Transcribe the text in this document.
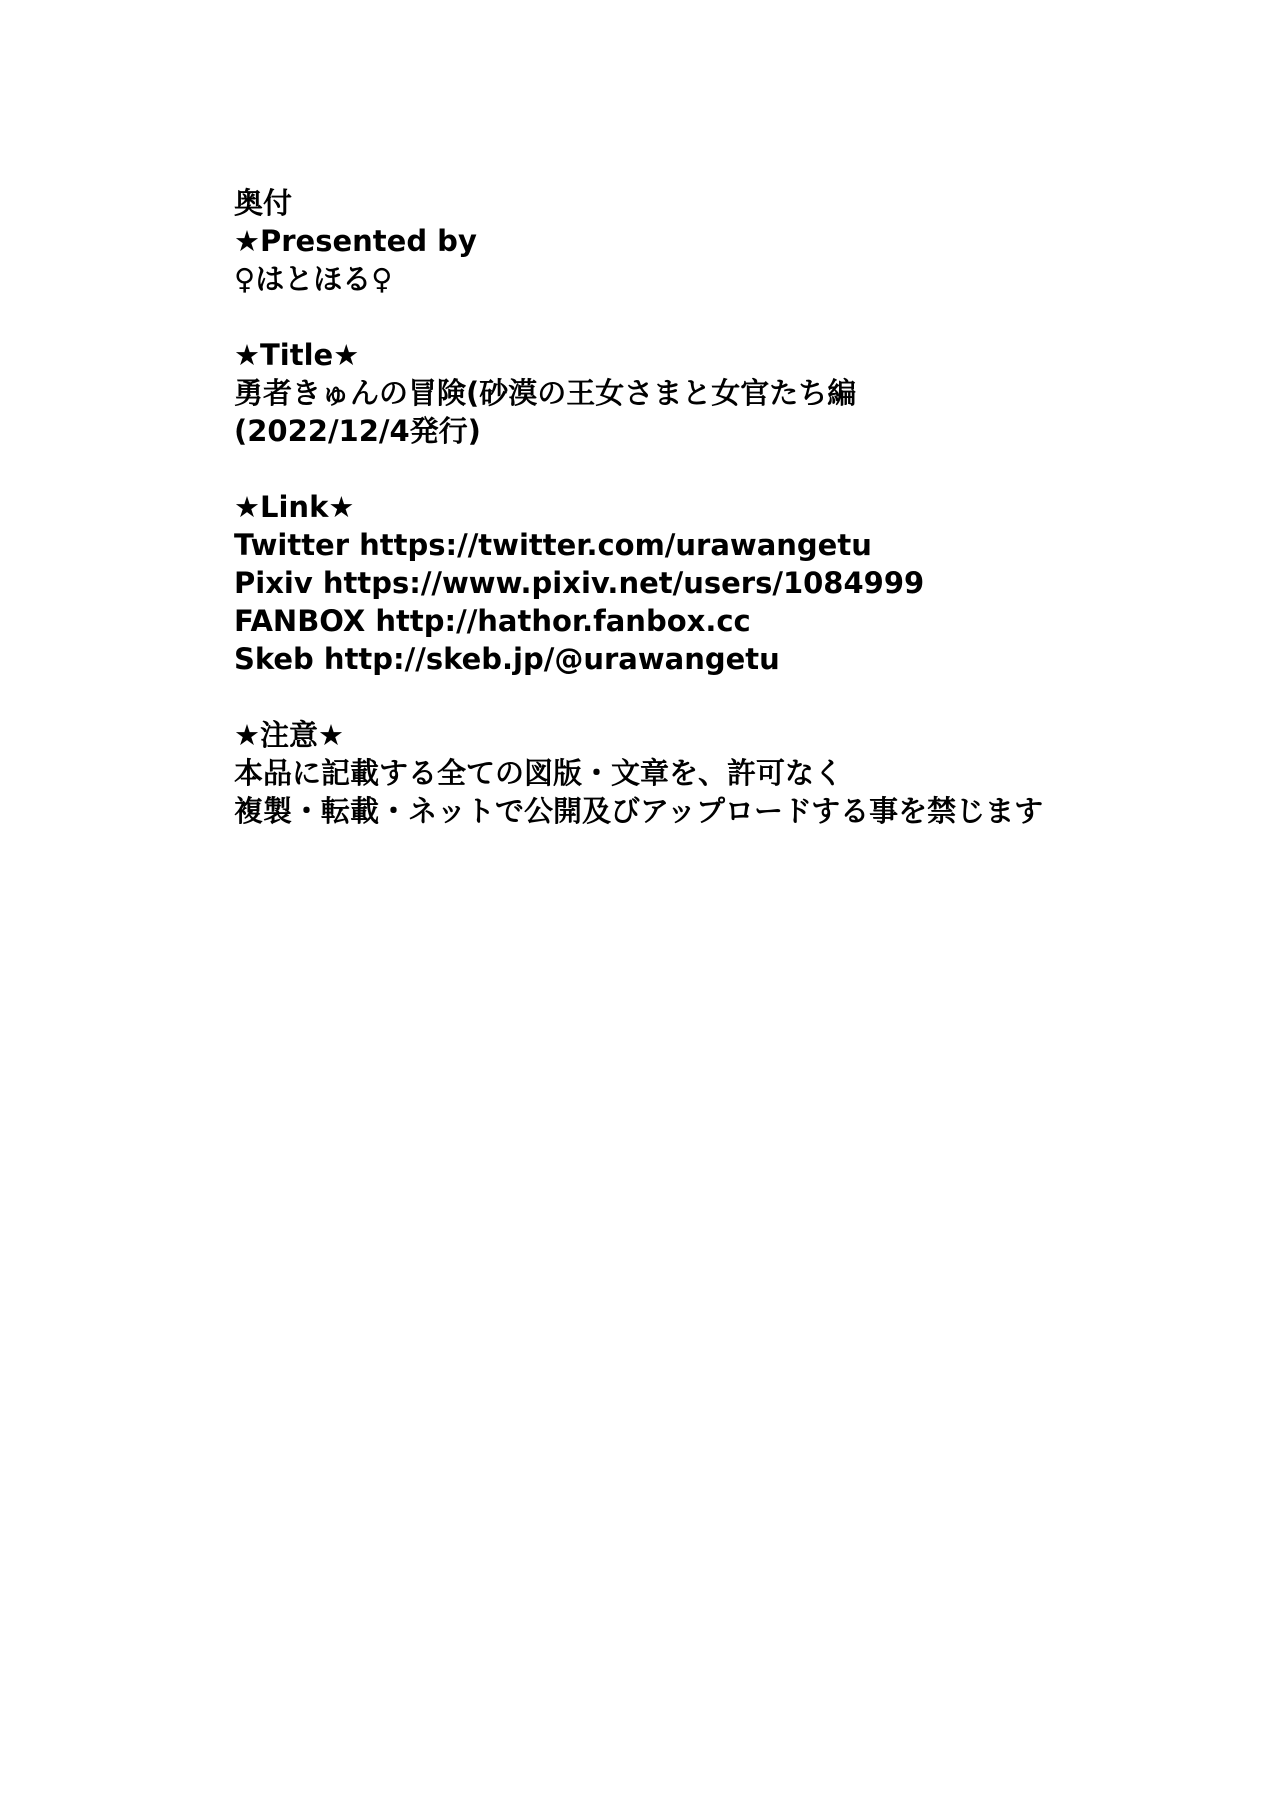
奥付
★Presented by
♀はとほる♀
★Title★
勇者きゅんの冒険(砂漠の王女さまと女官たち編
(2022/12/4発行)
★Link★
Twitter https://twitter.com/urawangetu
Pixiv https://www.pixiv.net/users/1084999
FANBOX http://hathor.fanbox.cc
Skeb http://skeb.jp/@urawangetu
★注意★
本品に記載する全ての図版・文章を、許可なく
複製・転載・ネットで公開及びアップロードする事を禁じます
